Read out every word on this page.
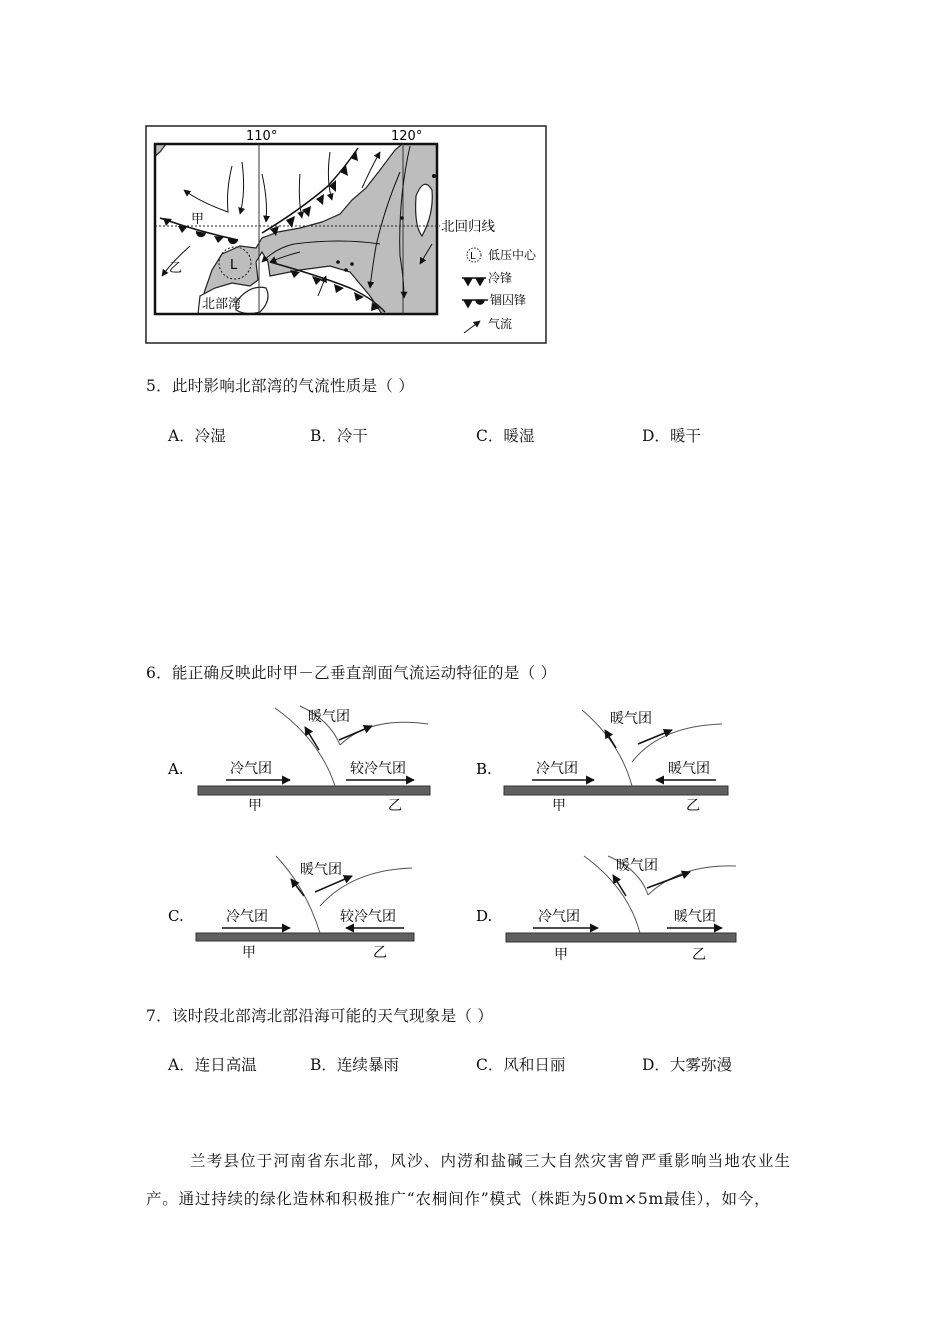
L
110°	120°
甲
乙
北部湾
北回归线
L 低压中心
冷锋
锢囚锋
气流
5．此时影响北部湾的气流性质是（ ）
A．冷湿	B．冷干	C．暖湿	D．暖干
6．能正确反映此时甲－乙垂直剖面气流运动特征的是（ ）
A.
暖气团
冷气团	较冷气团
甲	乙
B.
暖气团
冷气团	暖气团
甲	乙
C.
暖气团
冷气团	较冷气团
甲	乙
D.
暖气团
冷气团	暖气团
甲	乙
7．该时段北部湾北部沿海可能的天气现象是（ ）
A．连日高温	B．连续暴雨	C．风和日丽	D．大雾弥漫
兰考县位于河南省东北部，风沙、内涝和盐碱三大自然灾害曾严重影响当地农业生
产。通过持续的绿化造林和积极推广“农桐间作”模式（株距为50m×5m最佳），如今，
